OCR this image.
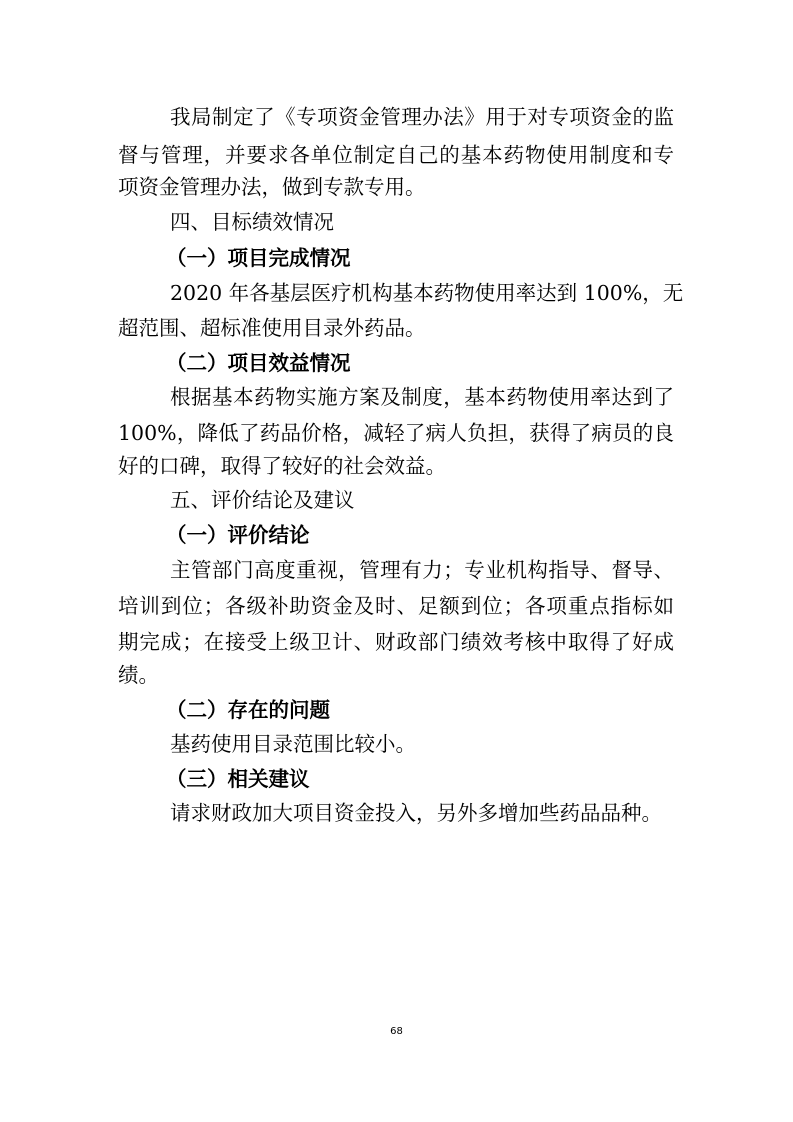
我局制定了《专项资金管理办法》用于对专项资金的监
督与管理，并要求各单位制定自己的基本药物使用制度和专
项资金管理办法，做到专款专用。
四、目标绩效情况
（一）项目完成情况
2020 年各基层医疗机构基本药物使用率达到 100%，无
超范围、超标准使用目录外药品。
（二）项目效益情况
根据基本药物实施方案及制度，基本药物使用率达到了
100%，降低了药品价格，减轻了病人负担，获得了病员的良
好的口碑，取得了较好的社会效益。
五、评价结论及建议
（一）评价结论
主管部门高度重视，管理有力；专业机构指导、督导、
培训到位；各级补助资金及时、足额到位；各项重点指标如
期完成；在接受上级卫计、财政部门绩效考核中取得了好成
绩。
（二）存在的问题
基药使用目录范围比较小。
（三）相关建议
请求财政加大项目资金投入，另外多增加些药品品种。
68
